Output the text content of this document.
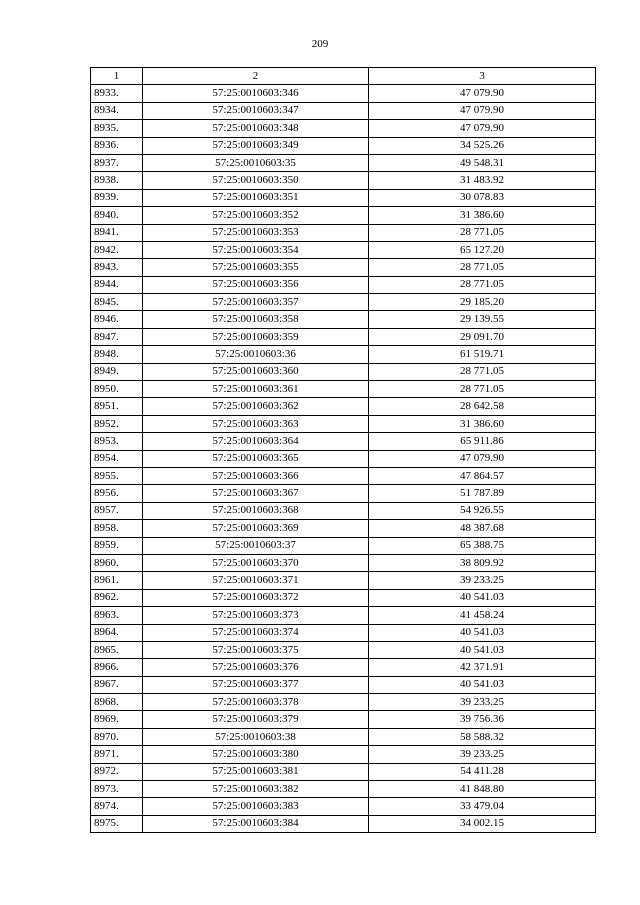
209
1	2	3
8933.	57:25:0010603:346	47 079.90
8934.	57:25:0010603:347	47 079.90
8935.	57:25:0010603:348	47 079.90
8936.	57:25:0010603:349	34 525.26
8937.	57:25:0010603:35	49 548.31
8938.	57:25:0010603:350	31 483.92
8939.	57:25:0010603:351	30 078.83
8940.	57:25:0010603:352	31 386.60
8941.	57:25:0010603:353	28 771.05
8942.	57:25:0010603:354	65 127.20
8943.	57:25:0010603:355	28 771.05
8944.	57:25:0010603:356	28 771.05
8945.	57:25:0010603:357	29 185.20
8946.	57:25:0010603:358	29 139.55
8947.	57:25:0010603:359	29 091.70
8948.	57:25:0010603:36	61 519.71
8949.	57:25:0010603:360	28 771.05
8950.	57:25:0010603:361	28 771.05
8951.	57:25:0010603:362	28 642.58
8952.	57:25:0010603:363	31 386.60
8953.	57:25:0010603:364	65 911.86
8954.	57:25:0010603:365	47 079.90
8955.	57:25:0010603:366	47 864.57
8956.	57:25:0010603:367	51 787.89
8957.	57:25:0010603:368	54 926.55
8958.	57:25:0010603:369	48 387.68
8959.	57:25:0010603:37	65 388.75
8960.	57:25:0010603:370	38 809.92
8961.	57:25:0010603:371	39 233.25
8962.	57:25:0010603:372	40 541.03
8963.	57:25:0010603:373	41 458.24
8964.	57:25:0010603:374	40 541.03
8965.	57:25:0010603:375	40 541.03
8966.	57:25:0010603:376	42 371.91
8967.	57:25:0010603:377	40 541.03
8968.	57:25:0010603:378	39 233.25
8969.	57:25:0010603:379	39 756.36
8970.	57:25:0010603:38	58 588.32
8971.	57:25:0010603:380	39 233.25
8972.	57:25:0010603:381	54 411.28
8973.	57:25:0010603:382	41 848.80
8974.	57:25:0010603:383	33 479.04
8975.	57:25:0010603:384	34 002.15
